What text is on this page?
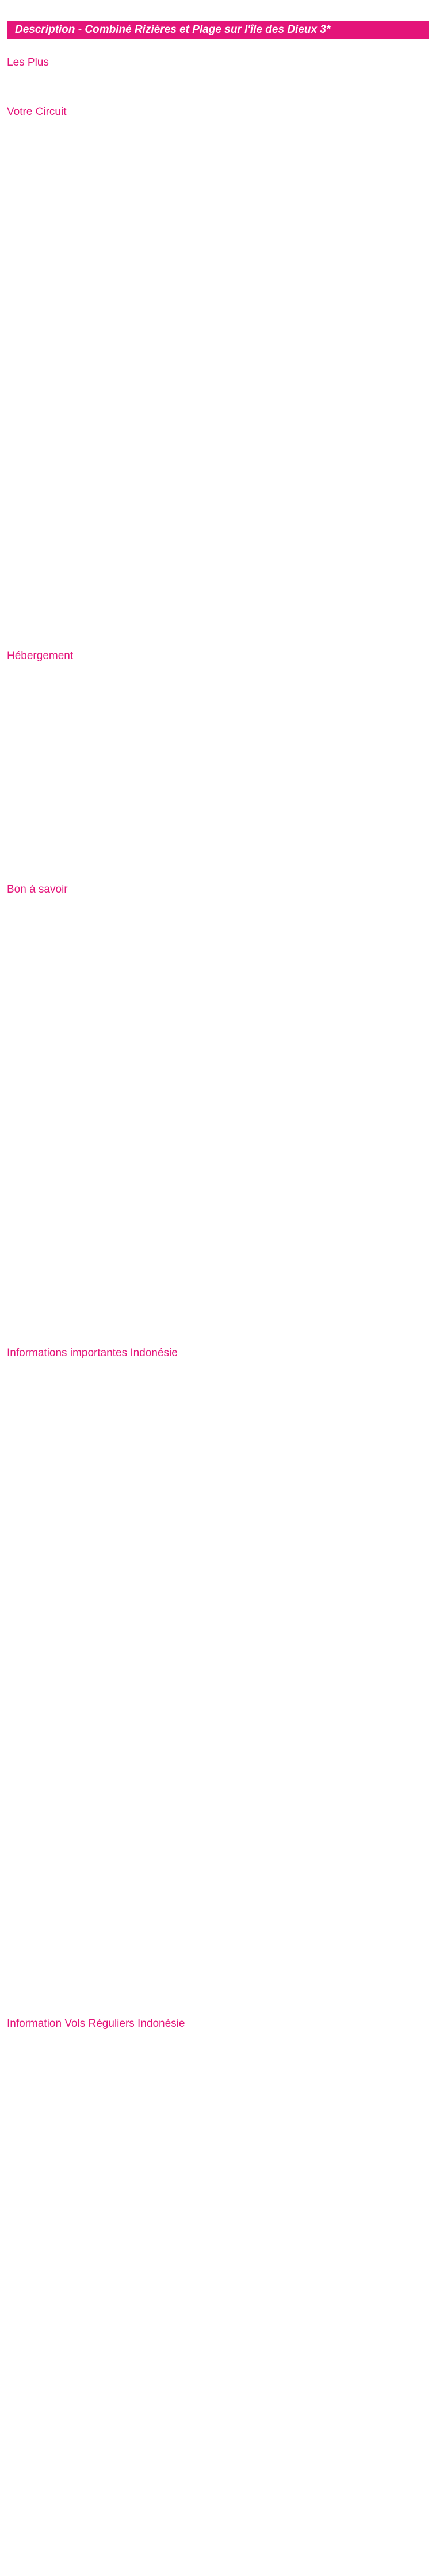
Description - Combiné Rizières et Plage sur l'île des Dieux 3*
Les Plus
Votre Circuit
Hébergement
Bon à savoir
Informations importantes Indonésie
Information Vols Réguliers Indonésie
